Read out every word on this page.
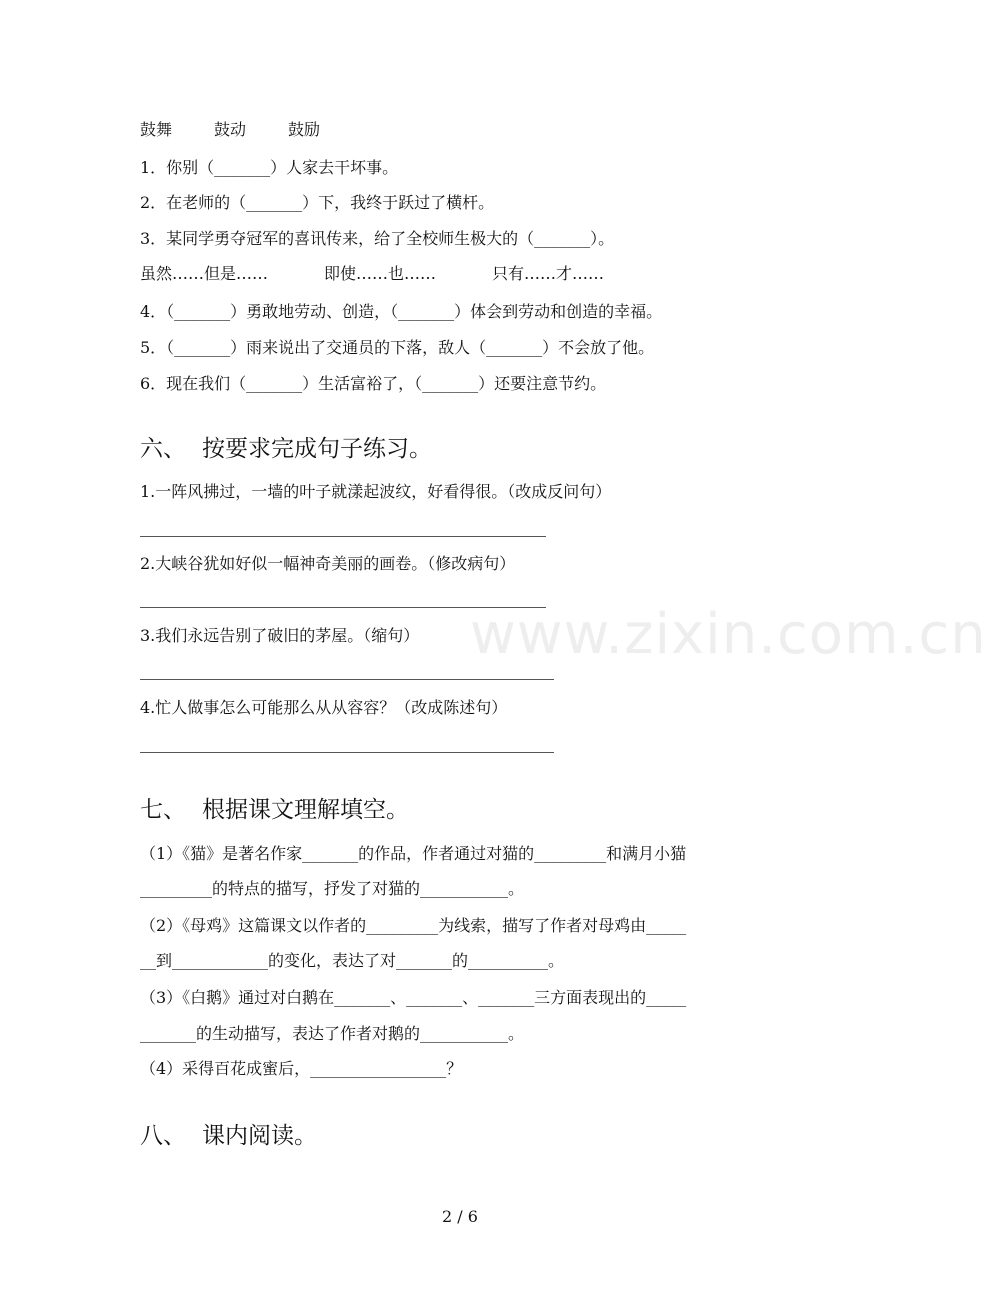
鼓舞	鼓动	鼓励
1．你别（_______）人家去干坏事。
2．在老师的（_______）下，我终于跃过了横杆。
3．某同学勇夺冠军的喜讯传来，给了全校师生极大的（_______）。
虽然……但是……	即使……也……	只有……才……
4．（_______）勇敢地劳动、创造，（_______）体会到劳动和创造的幸福。
5．（_______）雨来说出了交通员的下落，敌人（_______）不会放了他。
6．现在我们（_______）生活富裕了，（_______）还要注意节约。
六、 按要求完成句子练习。
1.一阵风拂过，一墙的叶子就漾起波纹，好看得很。（改成反问句）
2.大峡谷犹如好似一幅神奇美丽的画卷。（修改病句）
3.我们永远告别了破旧的茅屋。（缩句）
4.忙人做事怎么可能那么从从容容？（改成陈述句）
七、 根据课文理解填空。
（1）《猫》是著名作家_______的作品，作者通过对猫的_________和满月小猫
_________的特点的描写，抒发了对猫的___________。
（2）《母鸡》这篇课文以作者的_________为线索，描写了作者对母鸡由_____
__到____________的变化，表达了对_______的__________。
（3）《白鹅》通过对白鹅在_______、_______、_______三方面表现出的_____
_______的生动描写，表达了作者对鹅的___________。
（4）采得百花成蜜后，_________________？
八、 课内阅读。
www.zixin.com.cn
2 / 6
